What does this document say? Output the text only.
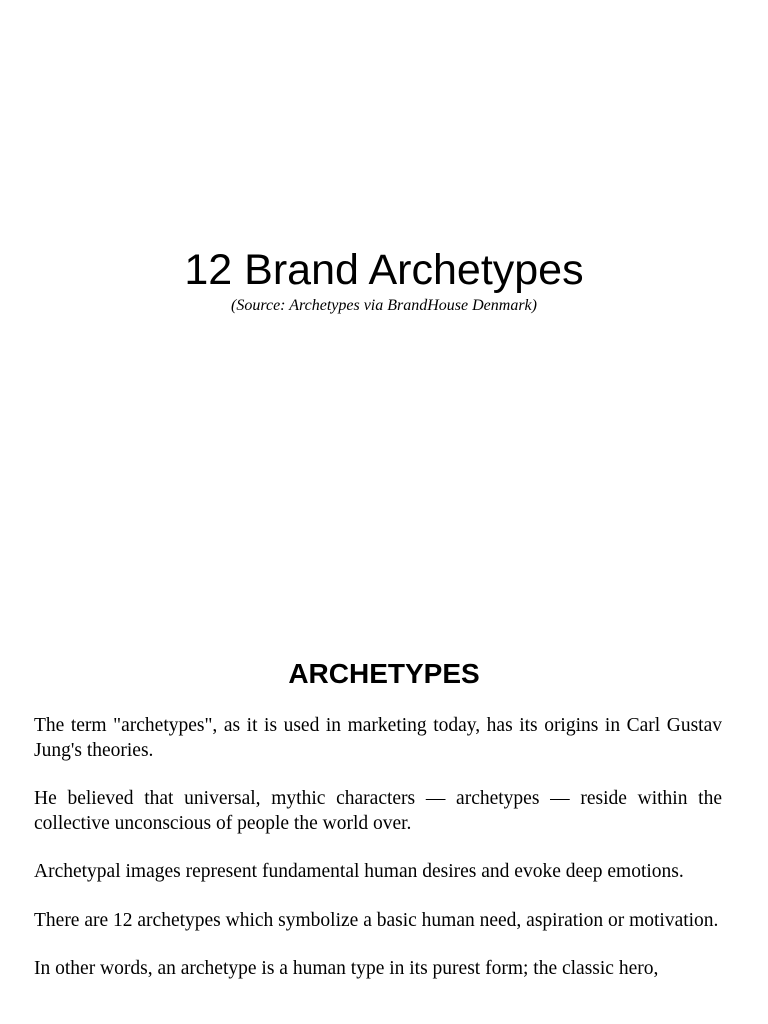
12 Brand Archetypes
(Source: Archetypes via BrandHouse Denmark)
ARCHETYPES

The term "archetypes", as it is used in marketing today, has its origins in Carl Gustav Jung's theories.

He believed that universal, mythic characters — archetypes — reside within the collective unconscious of people the world over.

Archetypal images represent fundamental human desires and evoke deep emotions.

There are 12 archetypes which symbolize a basic human need, aspiration or motivation.

In other words, an archetype is a human type in its purest form; the classic hero,
